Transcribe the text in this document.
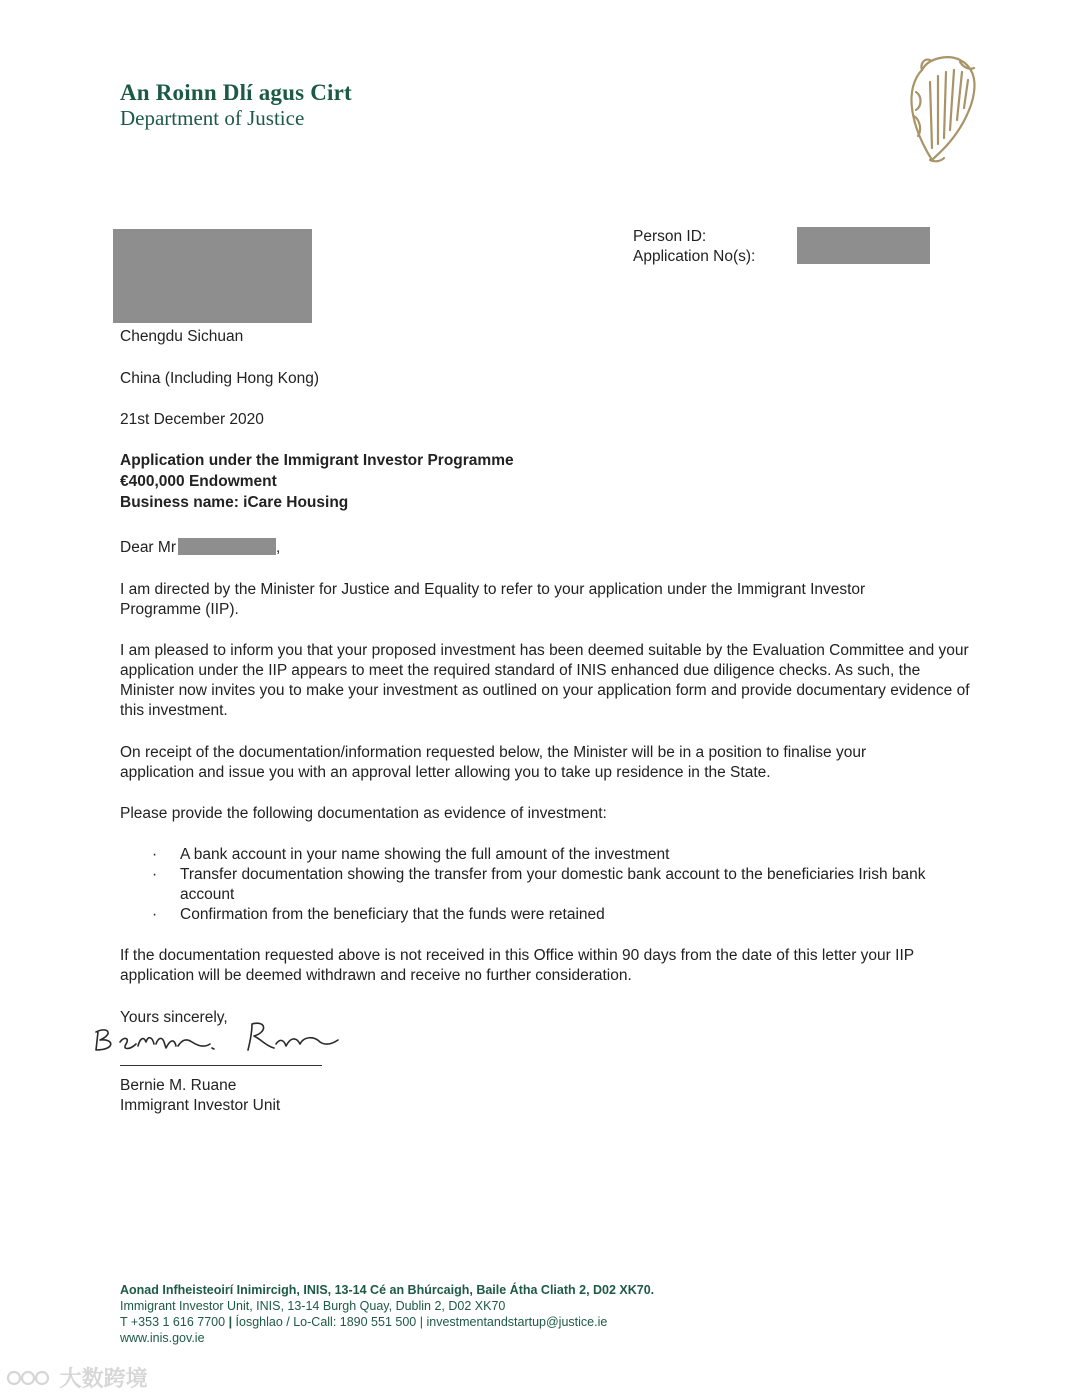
An Roinn Dlí agus Cirt
Department of Justice
Person ID:
Application No(s):
Chengdu Sichuan
China (Including Hong Kong)
21st December 2020
Application under the Immigrant Investor Programme
€400,000 Endowment
Business name: iCare Housing
Dear Mr	,
I am directed by the Minister for Justice and Equality to refer to your application under the Immigrant Investor Programme (IIP).
I am pleased to inform you that your proposed investment has been deemed suitable by the Evaluation Committee and your application under the IIP appears to meet the required standard of INIS enhanced due diligence checks. As such, the Minister now invites you to make your investment as outlined on your application form and provide documentary evidence of this investment.
On receipt of the documentation/information requested below, the Minister will be in a position to finalise your application and issue you with an approval letter allowing you to take up residence in the State.
Please provide the following documentation as evidence of investment:
· A bank account in your name showing the full amount of the investment
· Transfer documentation showing the transfer from your domestic bank account to the beneficiaries Irish bank account
· Confirmation from the beneficiary that the funds were retained
If the documentation requested above is not received in this Office within 90 days from the date of this letter your IIP application will be deemed withdrawn and receive no further consideration.
Yours sincerely,
Bernie M. Ruane
Immigrant Investor Unit
Aonad Infheisteoirí Inimircigh, INIS, 13-14 Cé an Bhúrcaigh, Baile Átha Cliath 2, D02 XK70.
Immigrant Investor Unit, INIS, 13-14 Burgh Quay, Dublin 2, D02 XK70
T +353 1 616 7700 | Íosghlao / Lo-Call: 1890 551 500 | investmentandstartup@justice.ie
www.inis.gov.ie
大数跨境
